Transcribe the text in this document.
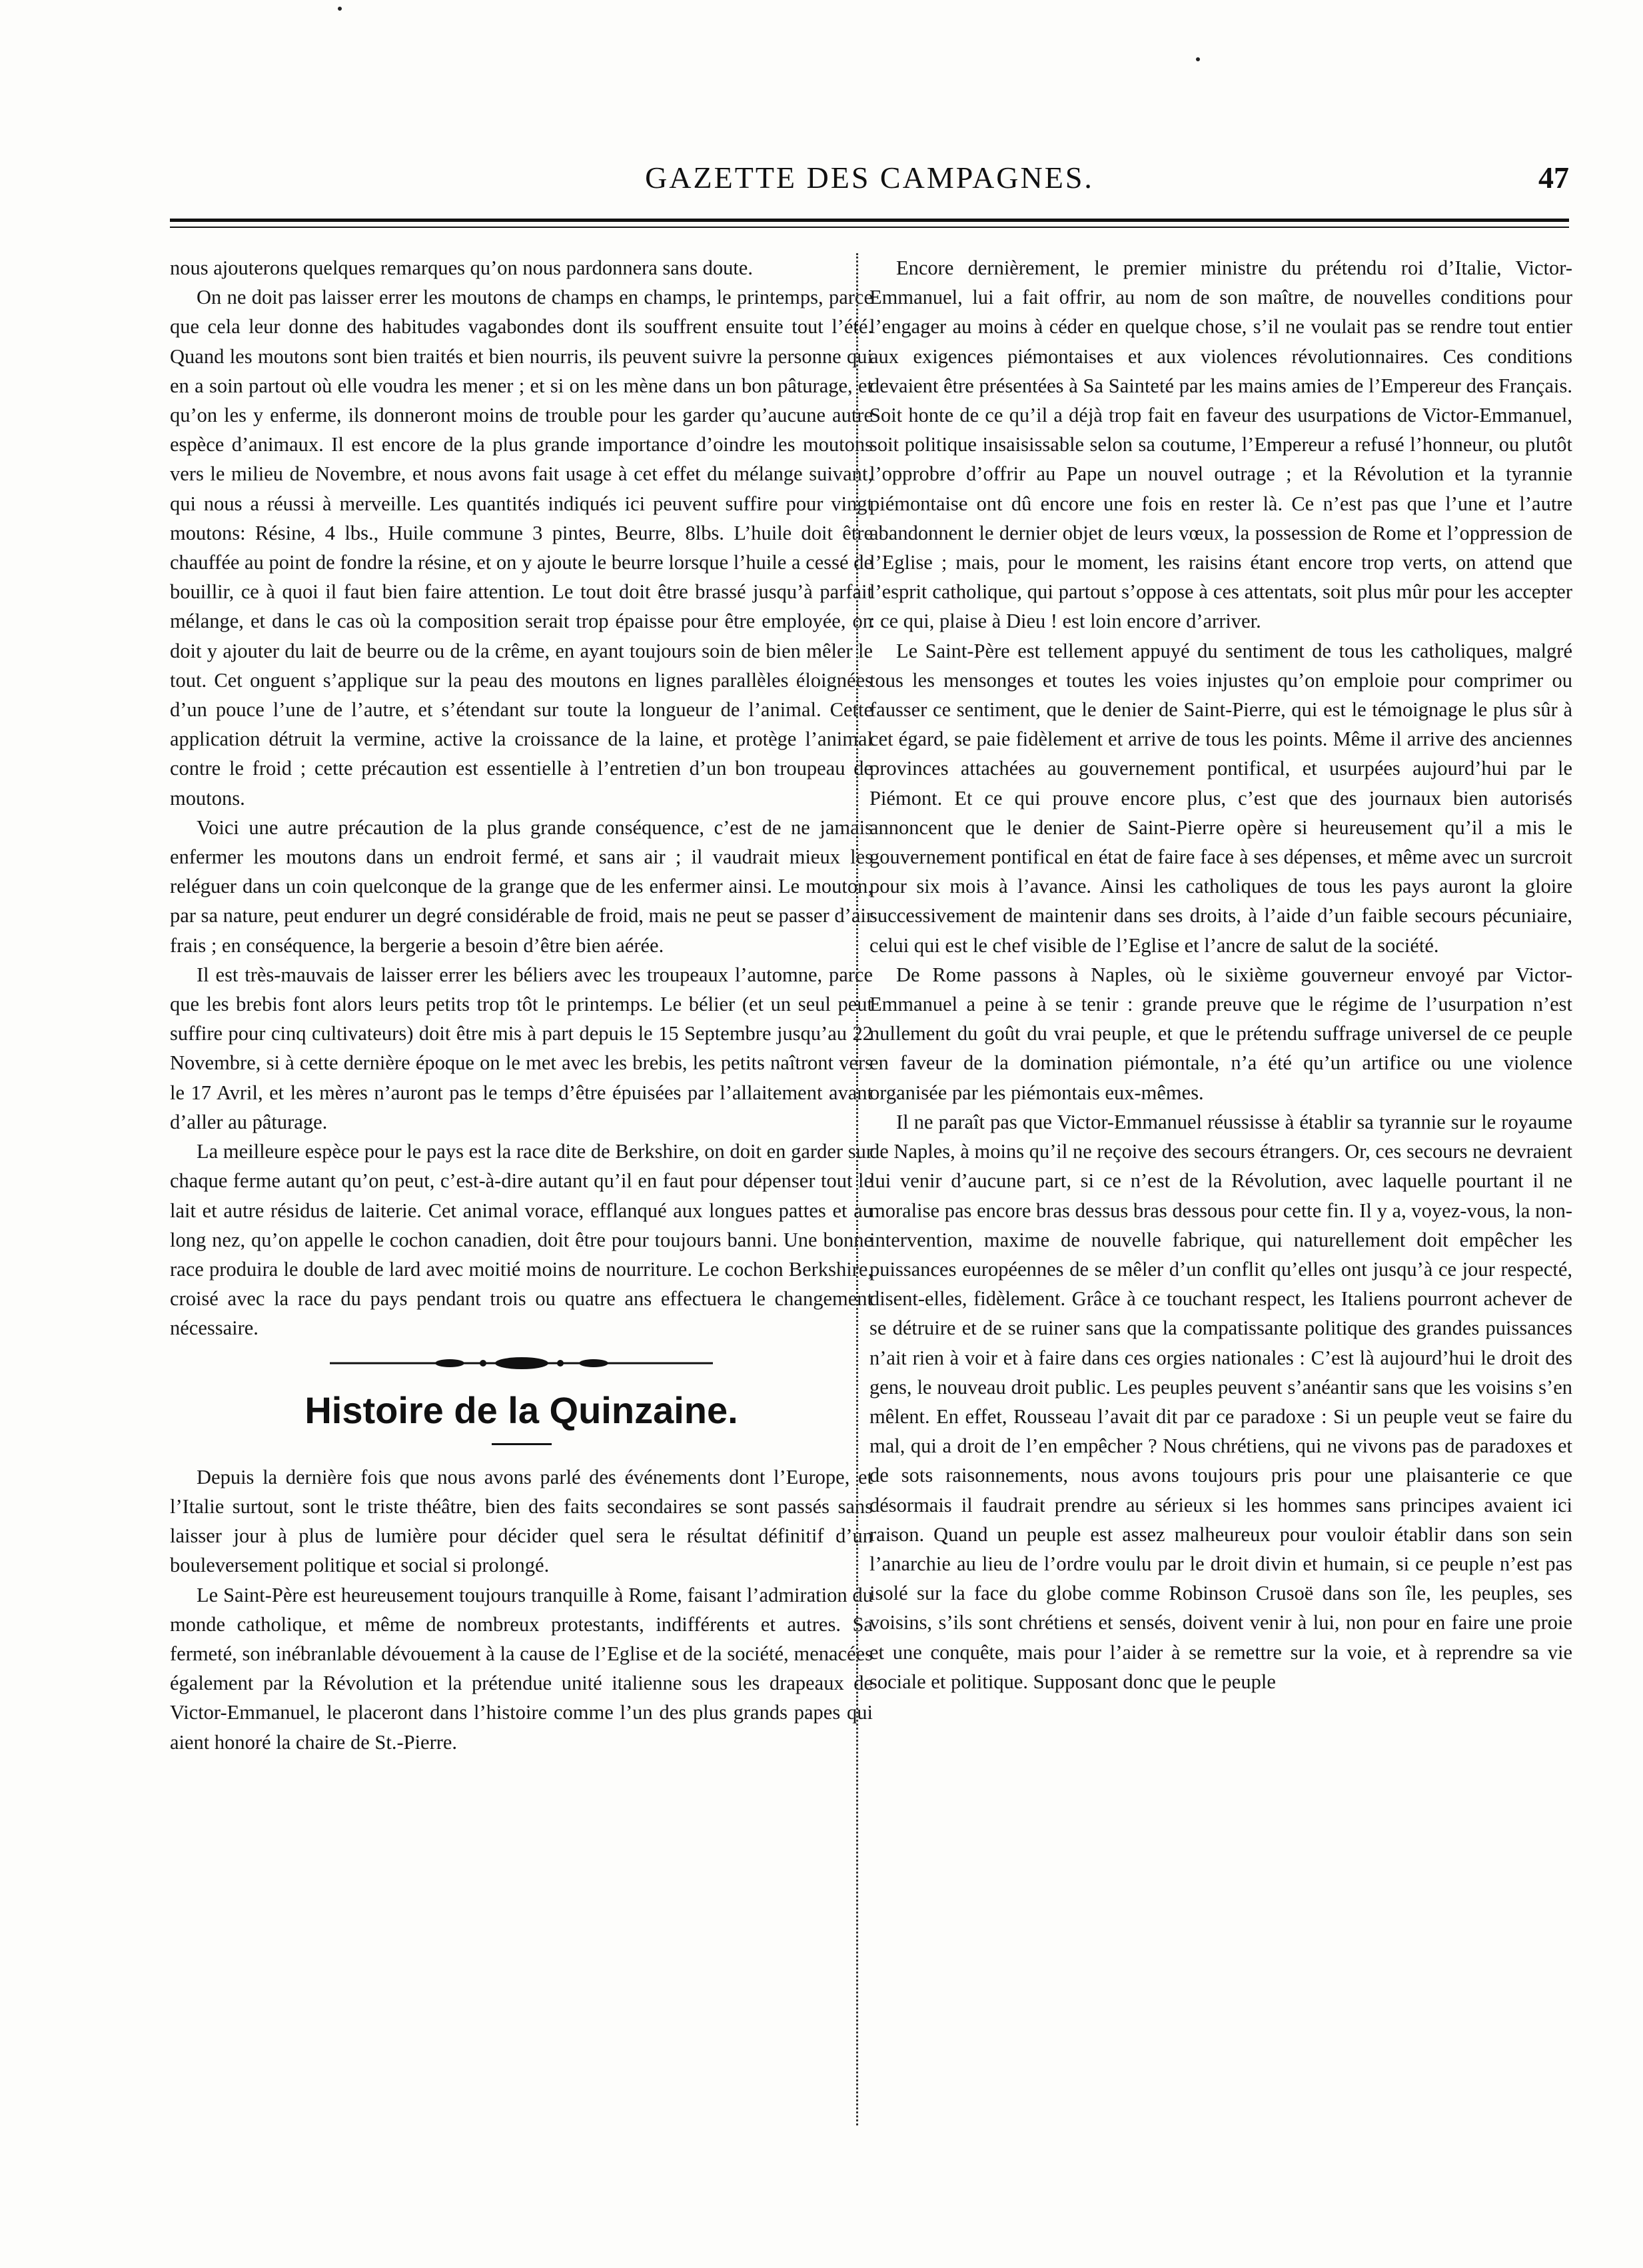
GAZETTE DES CAMPAGNES.	47

nous ajouterons quelques remarques qu’on nous pardonnera sans doute.

On ne doit pas laisser errer les moutons de champs en champs, le printemps, parce que cela leur donne des habitudes vagabondes dont ils souffrent ensuite tout l’été. Quand les moutons sont bien traités et bien nourris, ils peuvent suivre la personne qui en a soin partout où elle voudra les mener ; et si on les mène dans un bon pâturage, et qu’on les y enferme, ils donneront moins de trouble pour les garder qu’aucune autre espèce d’animaux. Il est encore de la plus grande importance d’oindre les moutons vers le milieu de Novembre, et nous avons fait usage à cet effet du mélange suivant, qui nous a réussi à merveille. Les quantités indiqués ici peuvent suffire pour vingt moutons: Résine, 4 lbs., Huile commune 3 pintes, Beurre, 8lbs. L’huile doit être chauffée au point de fondre la résine, et on y ajoute le beurre lorsque l’huile a cessé de bouillir, ce à quoi il faut bien faire attention. Le tout doit être brassé jusqu’à parfait mélange, et dans le cas où la composition serait trop épaisse pour être employée, on doit y ajouter du lait de beurre ou de la crême, en ayant toujours soin de bien mêler le tout. Cet onguent s’applique sur la peau des moutons en lignes parallèles éloignées d’un pouce l’une de l’autre, et s’étendant sur toute la longueur de l’animal. Cette application détruit la vermine, active la croissance de la laine, et protège l’animal contre le froid ; cette précaution est essentielle à l’entretien d’un bon troupeau de moutons.

Voici une autre précaution de la plus grande conséquence, c’est de ne jamais enfermer les moutons dans un endroit fermé, et sans air ; il vaudrait mieux les reléguer dans un coin quelconque de la grange que de les enfermer ainsi. Le mouton, par sa nature, peut endurer un degré considérable de froid, mais ne peut se passer d’air frais ; en conséquence, la bergerie a besoin d’être bien aérée.

Il est très-mauvais de laisser errer les béliers avec les troupeaux l’automne, parce que les brebis font alors leurs petits trop tôt le printemps. Le bélier (et un seul peut suffire pour cinq cultivateurs) doit être mis à part depuis le 15 Septembre jusqu’au 22 Novembre, si à cette dernière époque on le met avec les brebis, les petits naîtront vers le 17 Avril, et les mères n’auront pas le temps d’être épuisées par l’allaitement avant d’aller au pâturage.

La meilleure espèce pour le pays est la race dite de Berkshire, on doit en garder sur chaque ferme autant qu’on peut, c’est-à-dire autant qu’il en faut pour dépenser tout le lait et autre résidus de laiterie. Cet animal vorace, efflanqué aux longues pattes et au long nez, qu’on appelle le cochon canadien, doit être pour toujours banni. Une bonne race produira le double de lard avec moitié moins de nourriture. Le cochon Berkshire, croisé avec la race du pays pendant trois ou quatre ans effectuera le changement nécessaire.

Histoire de la Quinzaine.

Depuis la dernière fois que nous avons parlé des événements dont l’Europe, et l’Italie surtout, sont le triste théâtre, bien des faits secondaires se sont passés sans laisser jour à plus de lumière pour décider quel sera le résultat définitif d’un bouleversement politique et social si prolongé.

Le Saint-Père est heureusement toujours tranquille à Rome, faisant l’admiration du monde catholique, et même de nombreux protestants, indifférents et autres. Sa fermeté, son inébranlable dévouement à la cause de l’Eglise et de la société, menacées également par la Révolution et la prétendue unité italienne sous les drapeaux de Victor-Emmanuel, le placeront dans l’histoire comme l’un des plus grands papes qui aient honoré la chaire de St.-Pierre.

Encore dernièrement, le premier ministre du prétendu roi d’Italie, Victor-Emmanuel, lui a fait offrir, au nom de son maître, de nouvelles conditions pour l’engager au moins à céder en quelque chose, s’il ne voulait pas se rendre tout entier aux exigences piémontaises et aux violences révolutionnaires. Ces conditions devaient être présentées à Sa Sainteté par les mains amies de l’Empereur des Français. Soit honte de ce qu’il a déjà trop fait en faveur des usurpations de Victor-Emmanuel, soit politique insaisissable selon sa coutume, l’Empereur a refusé l’honneur, ou plutôt l’opprobre d’offrir au Pape un nouvel outrage ; et la Révolution et la tyrannie piémontaise ont dû encore une fois en rester là. Ce n’est pas que l’une et l’autre abandonnent le dernier objet de leurs vœux, la possession de Rome et l’oppression de l’Eglise ; mais, pour le moment, les raisins étant encore trop verts, on attend que l’esprit catholique, qui partout s’oppose à ces attentats, soit plus mûr pour les accepter : ce qui, plaise à Dieu ! est loin encore d’arriver.

Le Saint-Père est tellement appuyé du sentiment de tous les catholiques, malgré tous les mensonges et toutes les voies injustes qu’on emploie pour comprimer ou fausser ce sentiment, que le denier de Saint-Pierre, qui est le témoignage le plus sûr à cet égard, se paie fidèlement et arrive de tous les points. Même il arrive des anciennes provinces attachées au gouvernement pontifical, et usurpées aujourd’hui par le Piémont. Et ce qui prouve encore plus, c’est que des journaux bien autorisés annoncent que le denier de Saint-Pierre opère si heureusement qu’il a mis le gouvernement pontifical en état de faire face à ses dépenses, et même avec un surcroit pour six mois à l’avance. Ainsi les catholiques de tous les pays auront la gloire successivement de maintenir dans ses droits, à l’aide d’un faible secours pécuniaire, celui qui est le chef visible de l’Eglise et l’ancre de salut de la société.

De Rome passons à Naples, où le sixième gouverneur envoyé par Victor-Emmanuel a peine à se tenir : grande preuve que le régime de l’usurpation n’est nullement du goût du vrai peuple, et que le prétendu suffrage universel de ce peuple en faveur de la domination piémontale, n’a été qu’un artifice ou une violence organisée par les piémontais eux-mêmes.

Il ne paraît pas que Victor-Emmanuel réussisse à établir sa tyrannie sur le royaume de Naples, à moins qu’il ne reçoive des secours étrangers. Or, ces secours ne devraient lui venir d’aucune part, si ce n’est de la Révolution, avec laquelle pourtant il ne moralise pas encore bras dessus bras dessous pour cette fin. Il y a, voyez-vous, la non-intervention, maxime de nouvelle fabrique, qui naturellement doit empêcher les puissances européennes de se mêler d’un conflit qu’elles ont jusqu’à ce jour respecté, disent-elles, fidèlement. Grâce à ce touchant respect, les Italiens pourront achever de se détruire et de se ruiner sans que la compatissante politique des grandes puissances n’ait rien à voir et à faire dans ces orgies nationales : C’est là aujourd’hui le droit des gens, le nouveau droit public. Les peuples peuvent s’anéantir sans que les voisins s’en mêlent. En effet, Rousseau l’avait dit par ce paradoxe : Si un peuple veut se faire du mal, qui a droit de l’en empêcher ? Nous chrétiens, qui ne vivons pas de paradoxes et de sots raisonnements, nous avons toujours pris pour une plaisanterie ce que désormais il faudrait prendre au sérieux si les hommes sans principes avaient ici raison. Quand un peuple est assez malheureux pour vouloir établir dans son sein l’anarchie au lieu de l’ordre voulu par le droit divin et humain, si ce peuple n’est pas isolé sur la face du globe comme Robinson Crusoë dans son île, les peuples, ses voisins, s’ils sont chrétiens et sensés, doivent venir à lui, non pour en faire une proie et une conquête, mais pour l’aider à se remettre sur la voie, et à reprendre sa vie sociale et politique. Supposant donc que le peuple
